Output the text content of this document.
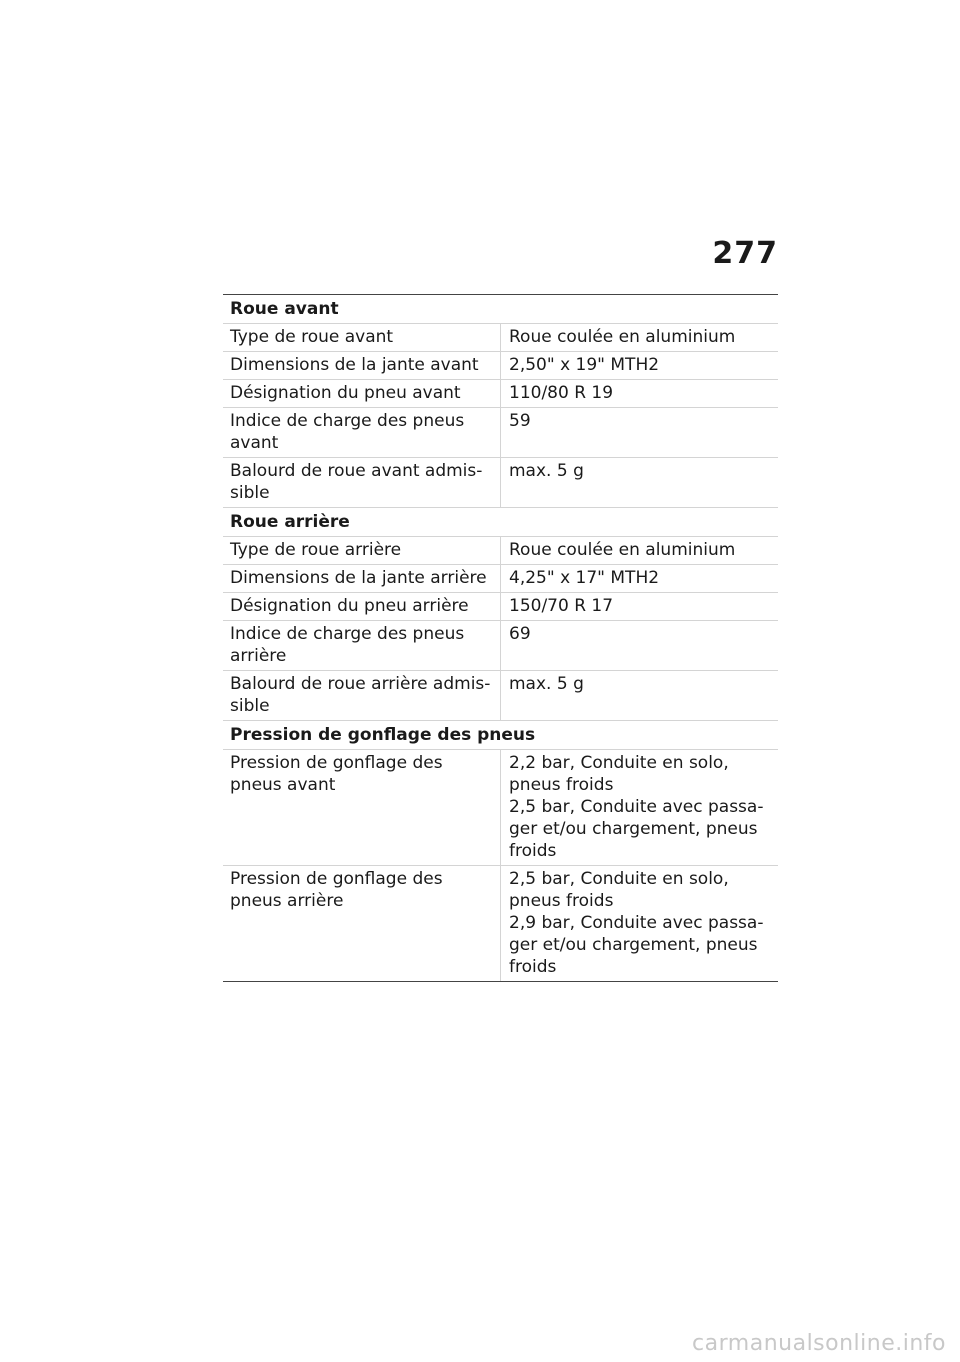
277
Roue avant	

Type de roue avant	Roue coulée en aluminium

Dimensions de la jante avant	2,50" x 19" MTH2

Désignation du pneu avant	110/80 R 19

Indice de charge des pneus
avant	59

Balourd de roue avant admis-
sible	max. 5 g

Roue arrière	

Type de roue arrière	Roue coulée en aluminium

Dimensions de la jante arrière	4,25" x 17" MTH2

Désignation du pneu arrière	150/70 R 17

Indice de charge des pneus
arrière	69

Balourd de roue arrière admis-
sible	max. 5 g

Pression de gonflage des pneus	

Pression de gonflage des
pneus avant	2,2 bar, Conduite en solo,
pneus froids
2,5 bar, Conduite avec passa-
ger et/ou chargement, pneus
froids

Pression de gonflage des
pneus arrière	2,5 bar, Conduite en solo,
pneus froids
2,9 bar, Conduite avec passa-
ger et/ou chargement, pneus
froids
carmanualsonline.info
